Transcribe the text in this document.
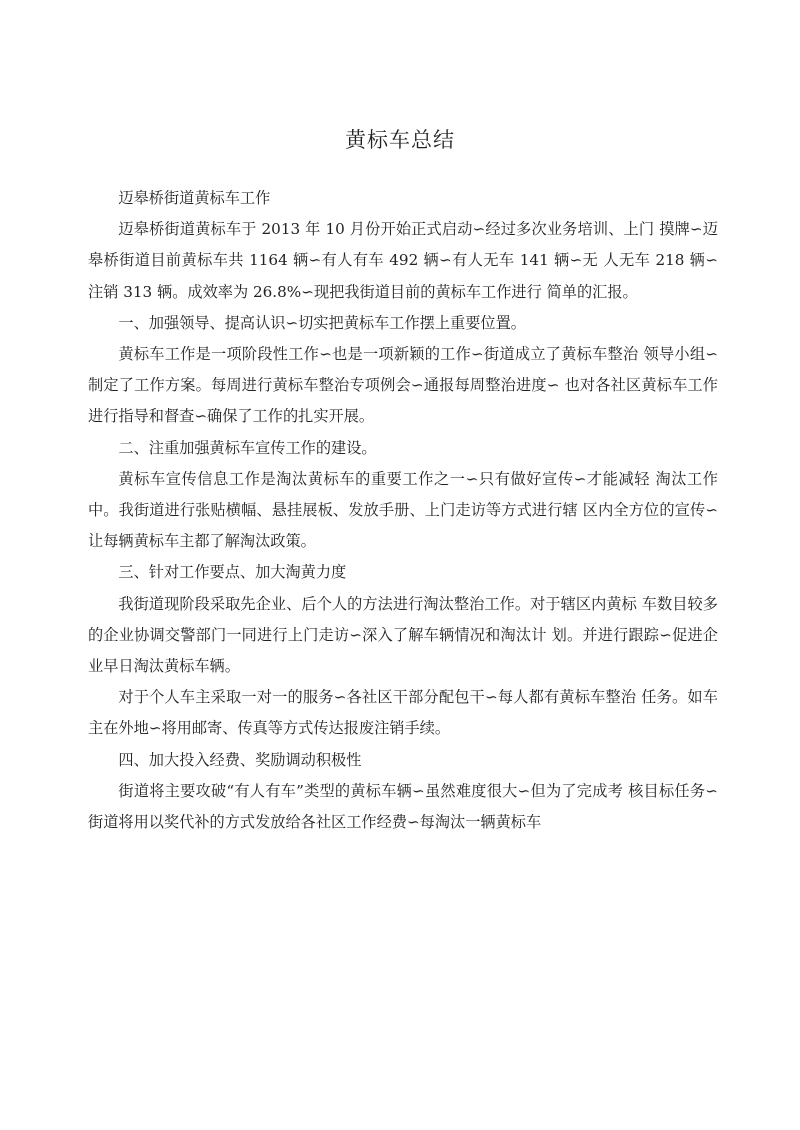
黄标车总结

迈皋桥街道黄标车工作

迈皋桥街道黄标车于 2013 年 10 月份开始正式启动∽经过多次业务培训、上门 摸牌∽迈皋桥街道目前黄标车共 1164 辆∽有人有车 492 辆∽有人无车 141 辆∽无 人无车 218 辆∽注销 313 辆。成效率为 26.8%∽现把我街道目前的黄标车工作进行 简单的汇报。

一、加强领导、提高认识∽切实把黄标车工作摆上重要位置。

黄标车工作是一项阶段性工作∽也是一项新颖的工作∽街道成立了黄标车整治 领导小组∽制定了工作方案。每周进行黄标车整治专项例会∽通报每周整治进度∽ 也对各社区黄标车工作进行指导和督查∽确保了工作的扎实开展。

二、注重加强黄标车宣传工作的建设。

黄标车宣传信息工作是淘汰黄标车的重要工作之一∽只有做好宣传∽才能减轻 淘汰工作中。我街道进行张贴横幅、悬挂展板、发放手册、上门走访等方式进行辖 区内全方位的宣传∽让每辆黄标车主都了解淘汰政策。

三、针对工作要点、加大淘黄力度

我街道现阶段采取先企业、后个人的方法进行淘汰整治工作。对于辖区内黄标 车数目较多的企业协调交警部门一同进行上门走访∽深入了解车辆情况和淘汰计 划。并进行跟踪∽促进企业早日淘汰黄标车辆。

对于个人车主采取一对一的服务∽各社区干部分配包干∽每人都有黄标车整治 任务。如车主在外地∽将用邮寄、传真等方式传达报废注销手续。

四、加大投入经费、奖励调动积极性

街道将主要攻破“有人有车”类型的黄标车辆∽虽然难度很大∽但为了完成考 核目标任务∽街道将用以奖代补的方式发放给各社区工作经费∽每淘汰一辆黄标车
